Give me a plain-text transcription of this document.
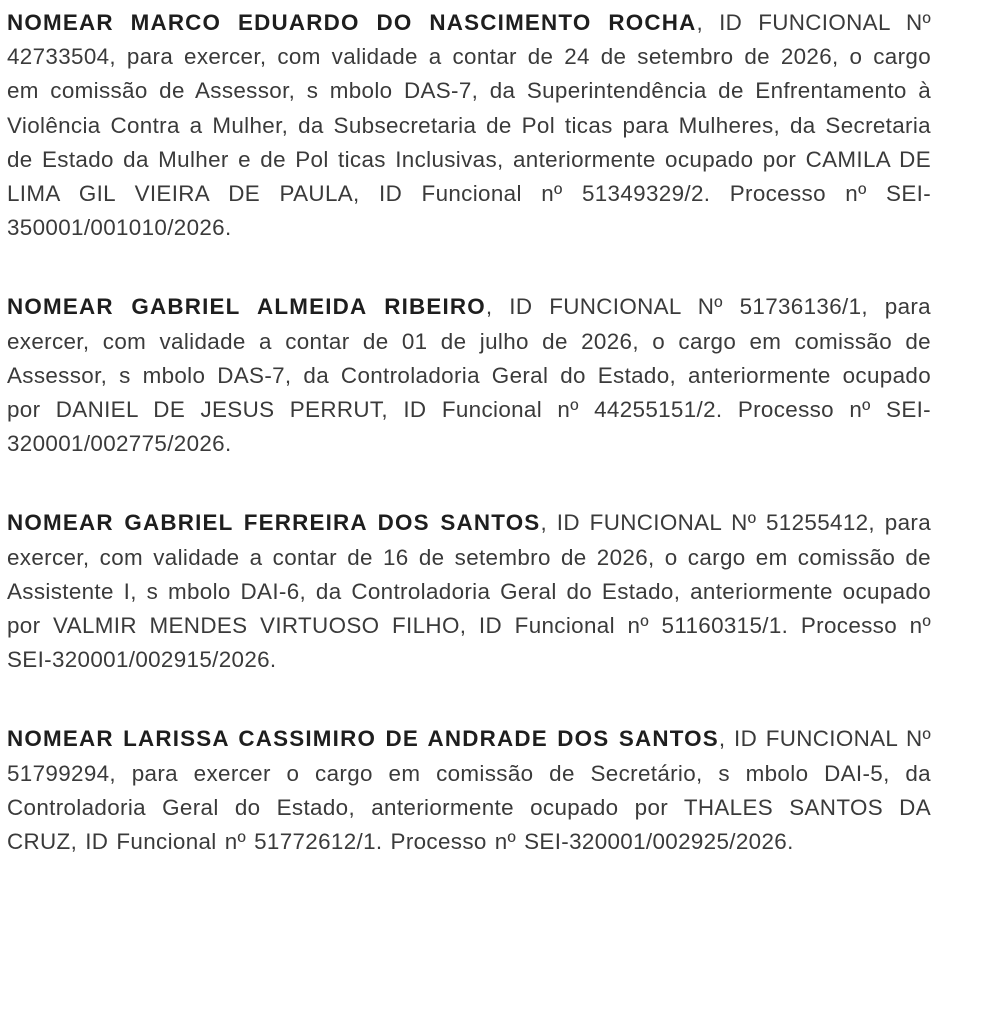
NOMEAR MARCO EDUARDO DO NASCIMENTO ROCHA, ID FUNCIONAL Nº 42733504, para exercer, com validade a contar de 24 de setembro de 2026, o cargo em comissão de Assessor, s mbolo DAS-7, da Superintendência de Enfrentamento à Violência Contra a Mulher, da Subsecretaria de Pol ticas para Mulheres, da Secretaria de Estado da Mulher e de Pol ticas Inclusivas, anteriormente ocupado por CAMILA DE LIMA GIL VIEIRA DE PAULA, ID Funcional nº 51349329/2. Processo nº SEI-350001/001010/2026.

NOMEAR GABRIEL ALMEIDA RIBEIRO, ID FUNCIONAL Nº 51736136/1, para exercer, com validade a contar de 01 de julho de 2026, o cargo em comissão de Assessor, s mbolo DAS-7, da Controladoria Geral do Estado, anteriormente ocupado por DANIEL DE JESUS PERRUT, ID Funcional nº 44255151/2. Processo nº SEI-320001/002775/2026.

NOMEAR GABRIEL FERREIRA DOS SANTOS, ID FUNCIONAL Nº 51255412, para exercer, com validade a contar de 16 de setembro de 2026, o cargo em comissão de Assistente I, s mbolo DAI-6, da Controladoria Geral do Estado, anteriormente ocupado por VALMIR MENDES VIRTUOSO FILHO, ID Funcional nº 51160315/1. Processo nº SEI-320001/002915/2026.

NOMEAR LARISSA CASSIMIRO DE ANDRADE DOS SANTOS, ID FUNCIONAL Nº 51799294, para exercer o cargo em comissão de Secretário, s mbolo DAI-5, da Controladoria Geral do Estado, anteriormente ocupado por THALES SANTOS DA CRUZ, ID Funcional nº 51772612/1. Processo nº SEI-320001/002925/2026.
